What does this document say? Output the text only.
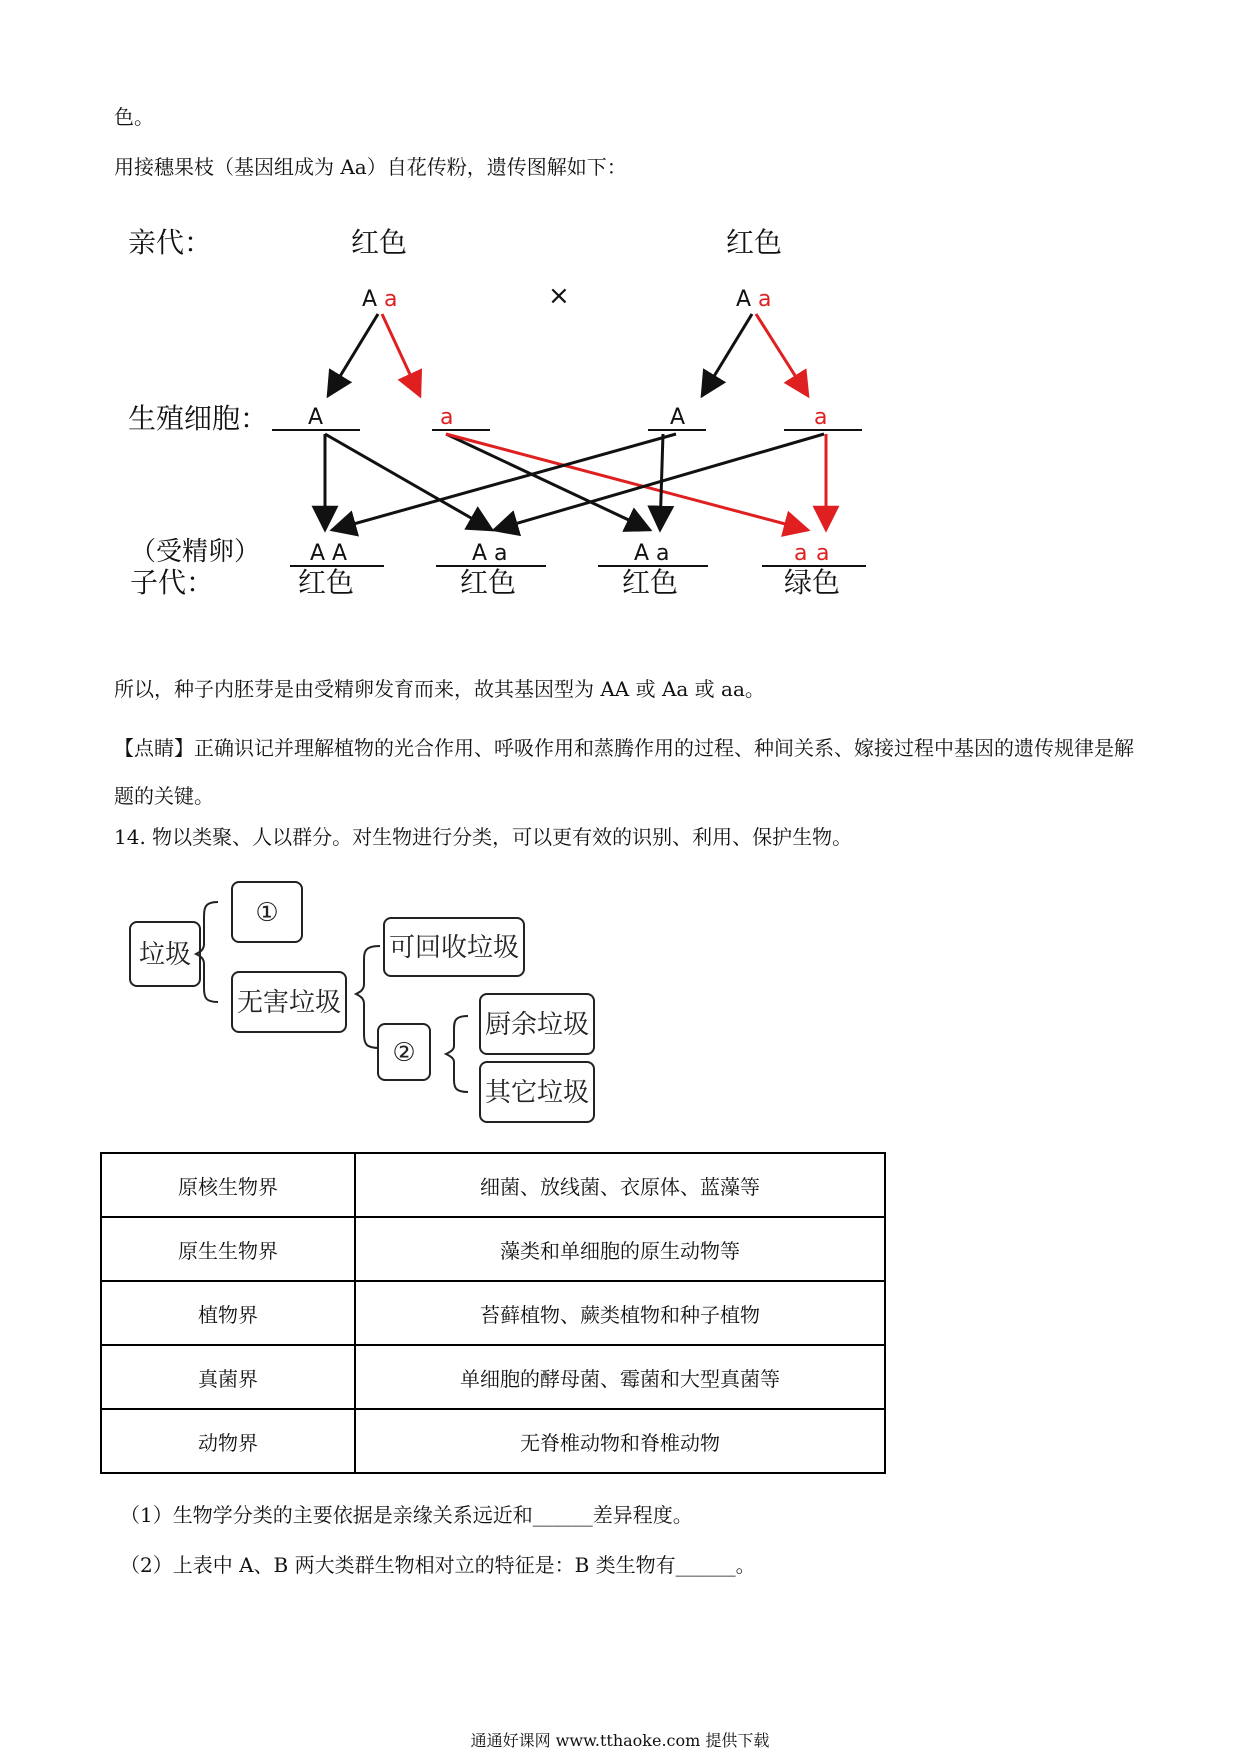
色。
用接穗果枝（基因组成为 Aa）自花传粉，遗传图解如下：
亲代：	红色	红色
A a	×	A a
生殖细胞： A	a	A	a
（受精卵）
子代：
A A
红色
A a
红色
A a
红色
a a
绿色
垃圾
①
无害垃圾
可回收垃圾
②
厨余垃圾
其它垃圾
所以，种子内胚芽是由受精卵发育而来，故其基因型为 AA 或 Aa 或 aa。
【点睛】正确识记并理解植物的光合作用、呼吸作用和蒸腾作用的过程、种间关系、嫁接过程中基因的遗传规律是解题的关键。
14. 物以类聚、人以群分。对生物进行分类，可以更有效的识别、利用、保护生物。
原核生物界	细菌、放线菌、衣原体、蓝藻等
原生生物界	藻类和单细胞的原生动物等
植物界	苔藓植物、蕨类植物和种子植物
真菌界	单细胞的酵母菌、霉菌和大型真菌等
动物界	无脊椎动物和脊椎动物
（1）生物学分类的主要依据是亲缘关系远近和______差异程度。
（2）上表中 A、B 两大类群生物相对立的特征是：B 类生物有______。
通通好课网 www.tthaoke.com 提供下载
